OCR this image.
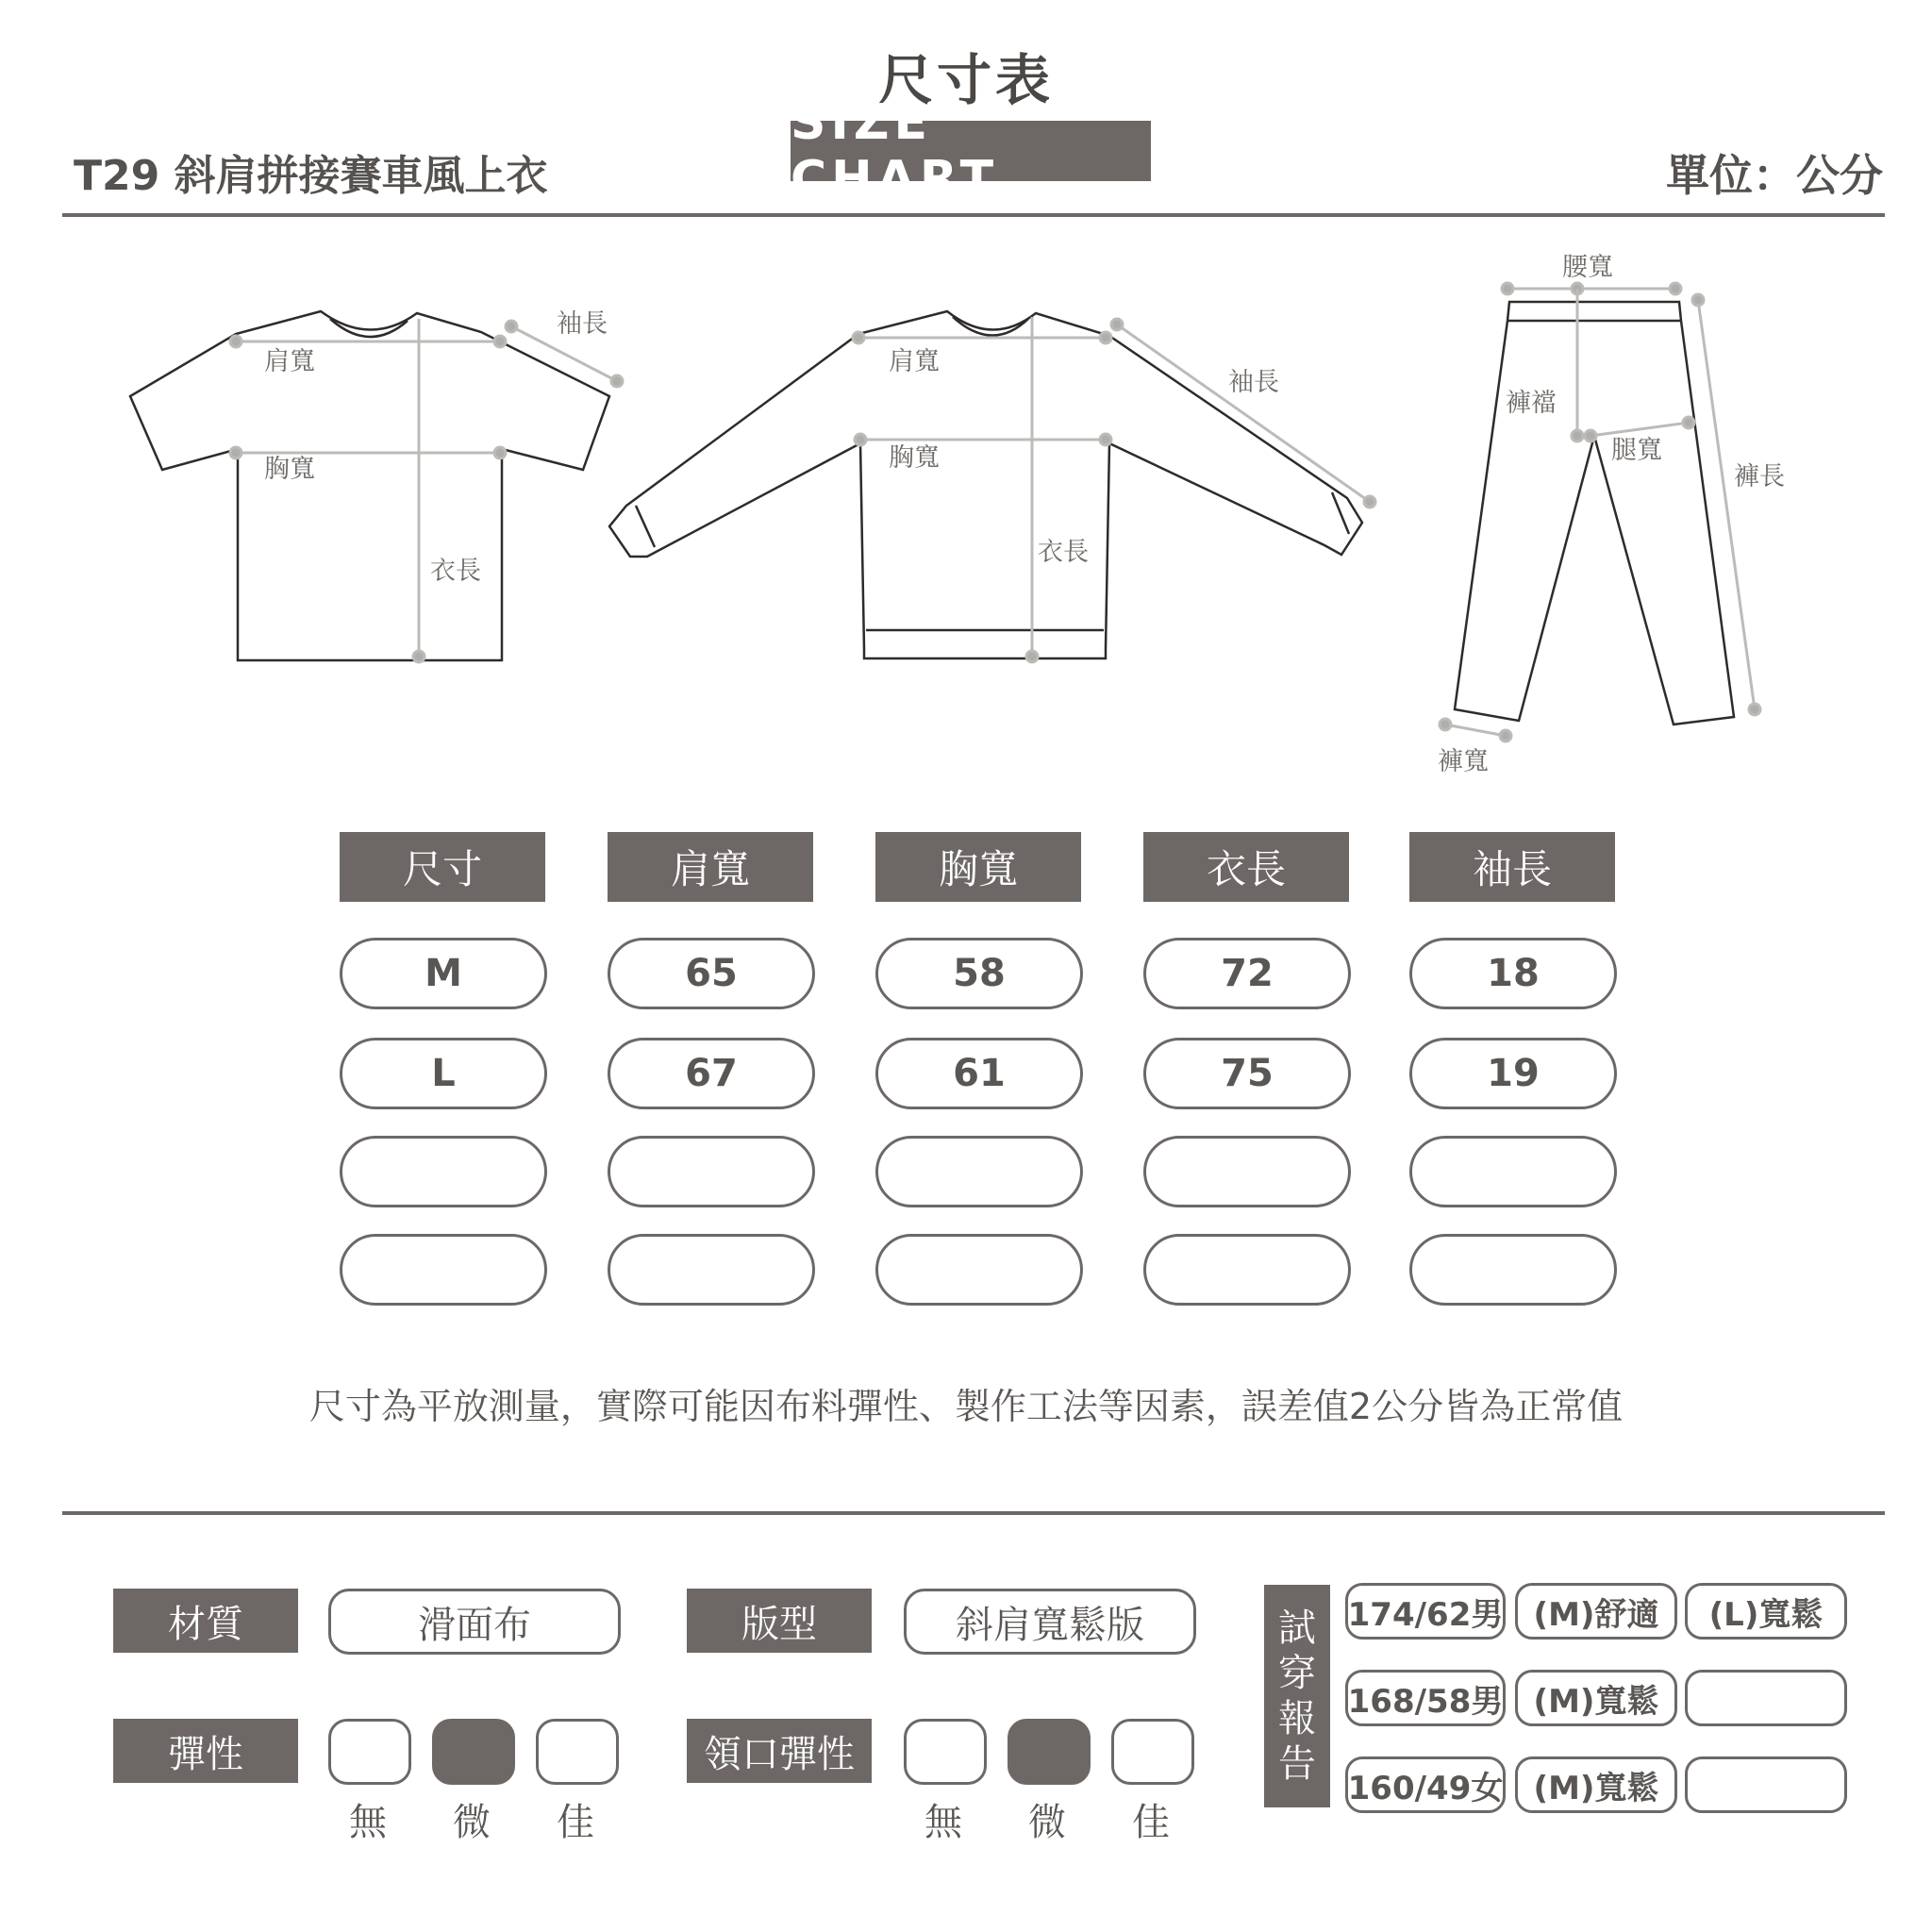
尺寸表
SIZE CHART
T29 斜肩拼接賽車風上衣	單位：公分
肩寬
胸寬
衣長
袖長
肩寬
胸寬
衣長
袖長
腰寬
褲襠
腿寬
褲長
褲寬
尺寸	肩寬	胸寬	衣長	袖長
M	65	58	72	18
L	67	61	75	19
尺寸為平放測量，實際可能因布料彈性、製作工法等因素，誤差值2公分皆為正常值
材質	滑面布	版型	斜肩寬鬆版
彈性
無	微	佳
領口彈性
無	微	佳
試
穿
報
告
174/62男 (M)舒適	(L)寬鬆
168/58男 (M)寬鬆
160/49女 (M)寬鬆
